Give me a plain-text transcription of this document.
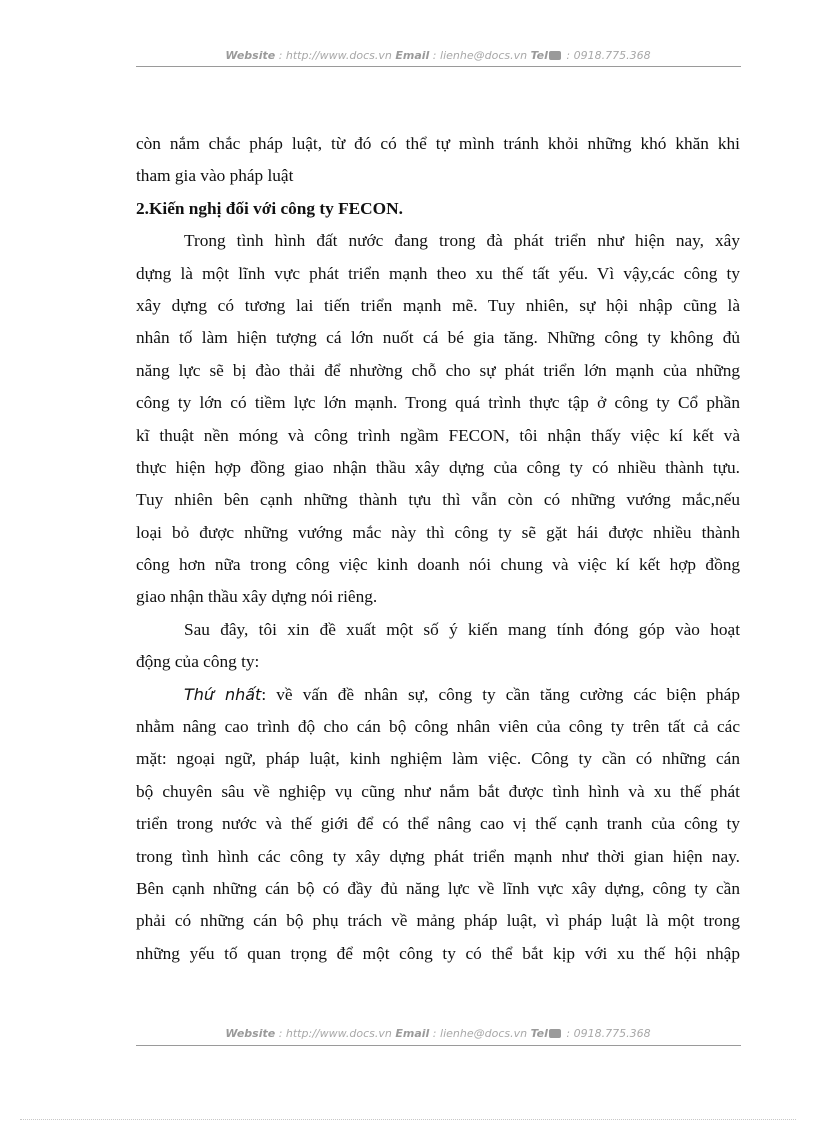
Website : http://www.docs.vn Email : lienhe@docs.vn Tel : 0918.775.368
còn nắm chắc pháp luật, từ đó có thể tự mình tránh khỏi những khó khăn khi
tham gia vào pháp luật
2.Kiến nghị đối với công ty FECON.
Trong tình hình đất nước đang trong đà phát triển như hiện nay, xây
dựng là một lĩnh vực phát triển mạnh theo xu thế tất yếu. Vì vậy,các công ty
xây dựng có tương lai tiến triển mạnh mẽ. Tuy nhiên, sự hội nhập cũng là
nhân tố làm hiện tượng cá lớn nuốt cá bé gia tăng. Những công ty không đủ
năng lực sẽ bị đào thải để nhường chỗ cho sự phát triển lớn mạnh của những
công ty lớn có tiềm lực lớn mạnh. Trong quá trình thực tập ở công ty Cổ phần
kĩ thuật nền móng và công trình ngầm FECON, tôi nhận thấy việc kí kết và
thực hiện hợp đồng giao nhận thầu xây dựng của công ty có nhiều thành tựu.
Tuy nhiên bên cạnh những thành tựu thì vẫn còn có những vướng mắc,nếu
loại bỏ được những vướng mắc này thì công ty sẽ gặt hái được nhiều thành
công hơn nữa trong công việc kinh doanh nói chung và việc kí kết hợp đồng
giao nhận thầu xây dựng nói riêng.
Sau đây, tôi xin đề xuất một số ý kiến mang tính đóng góp vào hoạt
động của công ty:
Thứ nhất: về vấn đề nhân sự, công ty cần tăng cường các biện pháp
nhằm nâng cao trình độ cho cán bộ công nhân viên của công ty trên tất cả các
mặt: ngoại ngữ, pháp luật, kinh nghiệm làm việc. Công ty cần có những cán
bộ chuyên sâu về nghiệp vụ cũng như nắm bắt được tình hình và xu thế phát
triển trong nước và thế giới để có thể nâng cao vị thế cạnh tranh của công ty
trong tình hình các công ty xây dựng phát triển mạnh như thời gian hiện nay.
Bên cạnh những cán bộ có đầy đủ năng lực về lĩnh vực xây dựng, công ty cần
phải có những cán bộ phụ trách về mảng pháp luật, vì pháp luật là một trong
những yếu tố quan trọng để một công ty có thể bắt kịp với xu thế hội nhập
Website : http://www.docs.vn Email : lienhe@docs.vn Tel : 0918.775.368
